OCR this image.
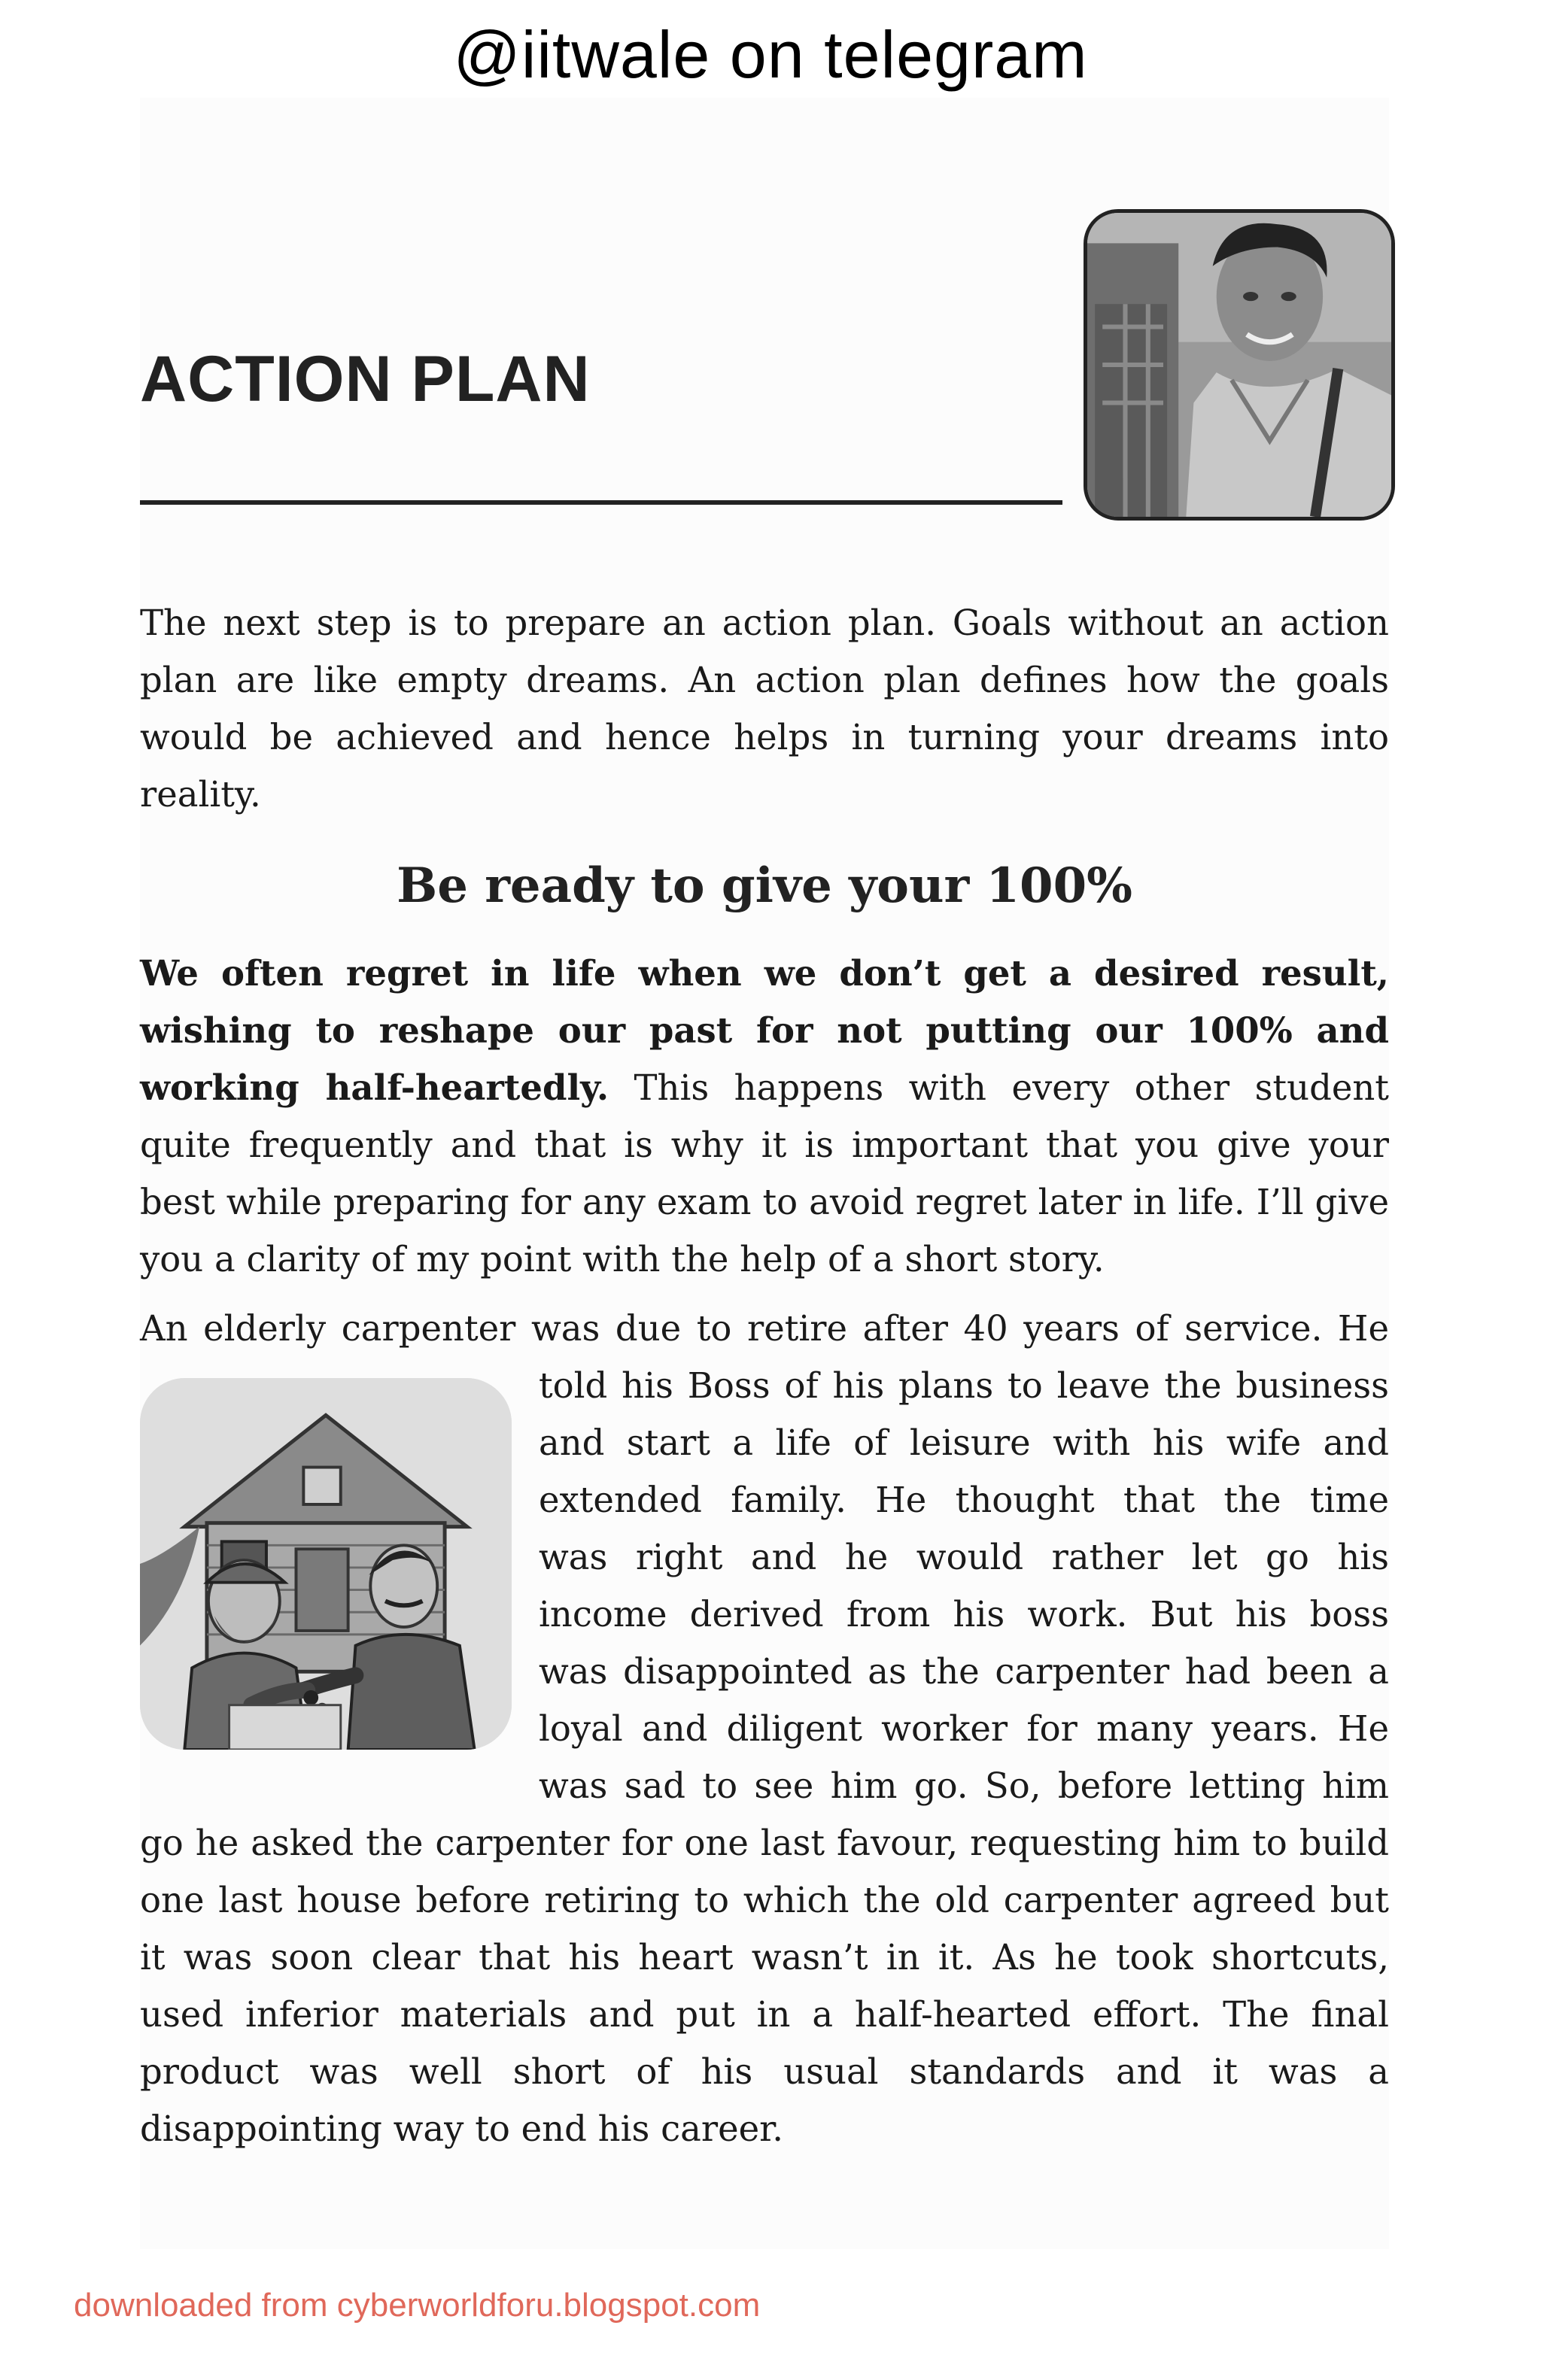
@iitwale on telegram
ACTION PLAN
The next step is to prepare an action plan. Goals without an action plan are like empty dreams. An action plan defines how the goals would be achieved and hence helps in turning your dreams into reality.
Be ready to give your 100%
We often regret in life when we don’t get a desired result, wishing to reshape our past for not putting our 100% and working half-heartedly. This happens with every other student quite frequently and that is why it is important that you give your best while preparing for any exam to avoid regret later in life. I’ll give you a clarity of my point with the help of a short story.
An elderly carpenter was due to retire after 40 years of service. He
told his Boss of his plans to leave the business
and start a life of leisure with his wife and
extended family. He thought that the time
was right and he would rather let go his
income derived from his work. But his boss
was disappointed as the carpenter had been a
loyal and diligent worker for many years. He
was sad to see him go. So, before letting him
go he asked the carpenter for one last favour, requesting him to build one last house before retiring to which the old carpenter agreed but it was soon clear that his heart wasn’t in it. As he took shortcuts, used inferior materials and put in a half-hearted effort. The final product was well short of his usual standards and it was a disappointing way to end his career.
downloaded from cyberworldforu.blogspot.com
